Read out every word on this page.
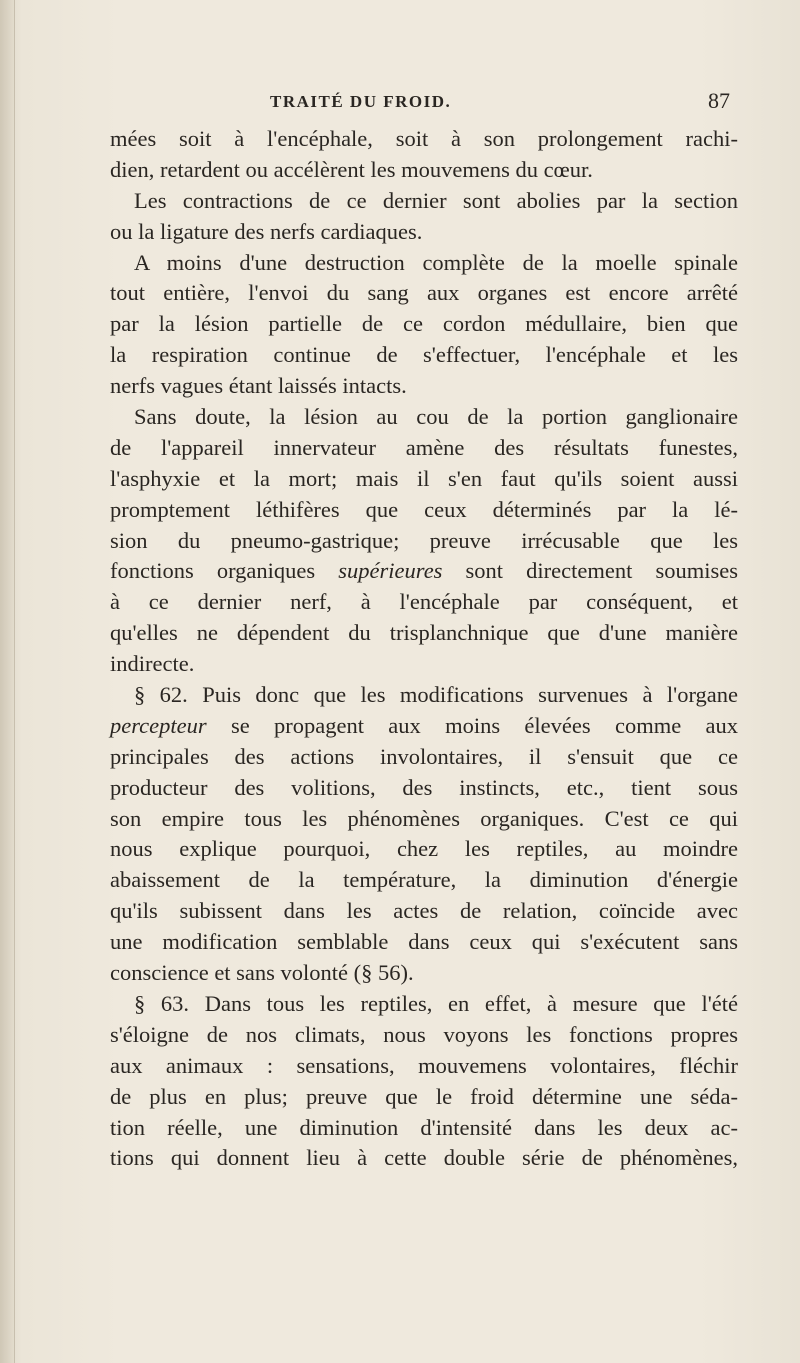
TRAITÉ DU FROID.	87
mées soit à l'encéphale, soit à son prolongement rachi-
dien, retardent ou accélèrent les mouvemens du cœur.
Les contractions de ce dernier sont abolies par la section
ou la ligature des nerfs cardiaques.
A moins d'une destruction complète de la moelle spinale
tout entière, l'envoi du sang aux organes est encore arrêté
par la lésion partielle de ce cordon médullaire, bien que
la respiration continue de s'effectuer, l'encéphale et les
nerfs vagues étant laissés intacts.
Sans doute, la lésion au cou de la portion ganglionaire
de l'appareil innervateur amène des résultats funestes,
l'asphyxie et la mort; mais il s'en faut qu'ils soient aussi
promptement léthifères que ceux déterminés par la lé-
sion du pneumo-gastrique; preuve irrécusable que les
fonctions organiques supérieures sont directement soumises
à ce dernier nerf, à l'encéphale par conséquent, et
qu'elles ne dépendent du trisplanchnique que d'une manière
indirecte.
§ 62. Puis donc que les modifications survenues à l'organe
percepteur se propagent aux moins élevées comme aux
principales des actions involontaires, il s'ensuit que ce
producteur des volitions, des instincts, etc., tient sous
son empire tous les phénomènes organiques. C'est ce qui
nous explique pourquoi, chez les reptiles, au moindre
abaissement de la température, la diminution d'énergie
qu'ils subissent dans les actes de relation, coïncide avec
une modification semblable dans ceux qui s'exécutent sans
conscience et sans volonté (§ 56).
§ 63. Dans tous les reptiles, en effet, à mesure que l'été
s'éloigne de nos climats, nous voyons les fonctions propres
aux animaux : sensations, mouvemens volontaires, fléchir
de plus en plus; preuve que le froid détermine une séda-
tion réelle, une diminution d'intensité dans les deux ac-
tions qui donnent lieu à cette double série de phénomènes,
